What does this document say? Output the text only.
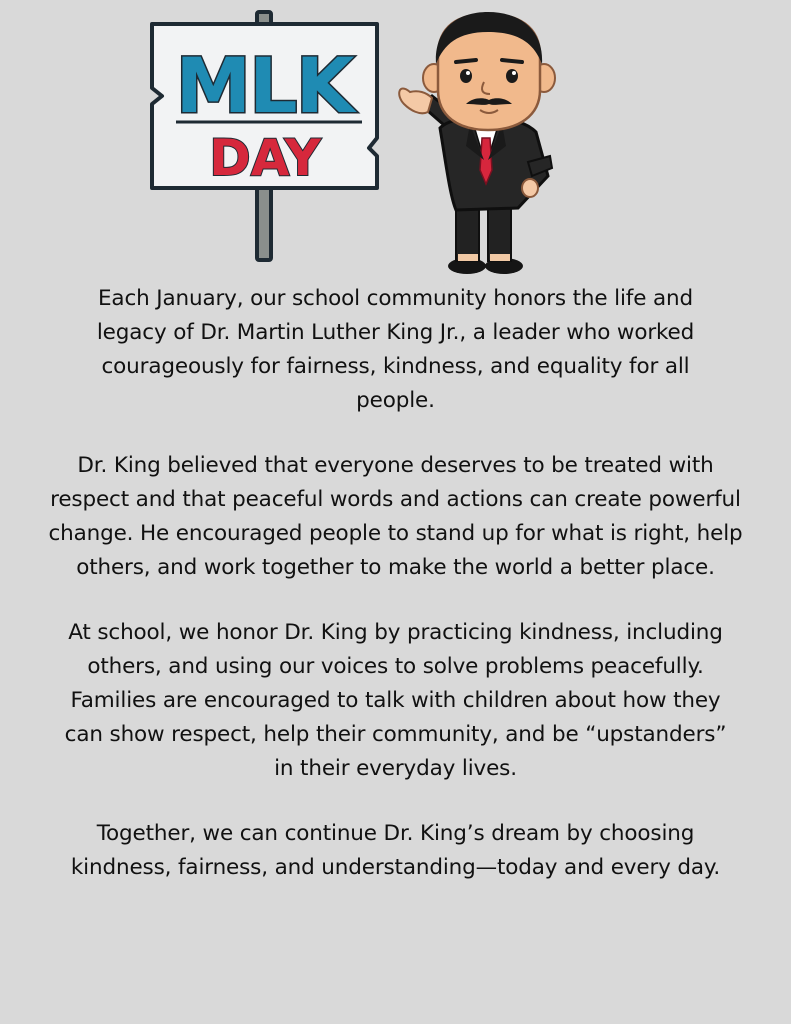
MLK
DAY

Each January, our school community honors the life and
legacy of Dr. Martin Luther King Jr., a leader who worked
courageously for fairness, kindness, and equality for all
people.

Dr. King believed that everyone deserves to be treated with
respect and that peaceful words and actions can create powerful
change. He encouraged people to stand up for what is right, help
others, and work together to make the world a better place.

At school, we honor Dr. King by practicing kindness, including
others, and using our voices to solve problems peacefully.
Families are encouraged to talk with children about how they
can show respect, help their community, and be “upstanders”
in their everyday lives.

Together, we can continue Dr. King’s dream by choosing
kindness, fairness, and understanding—today and every day.
